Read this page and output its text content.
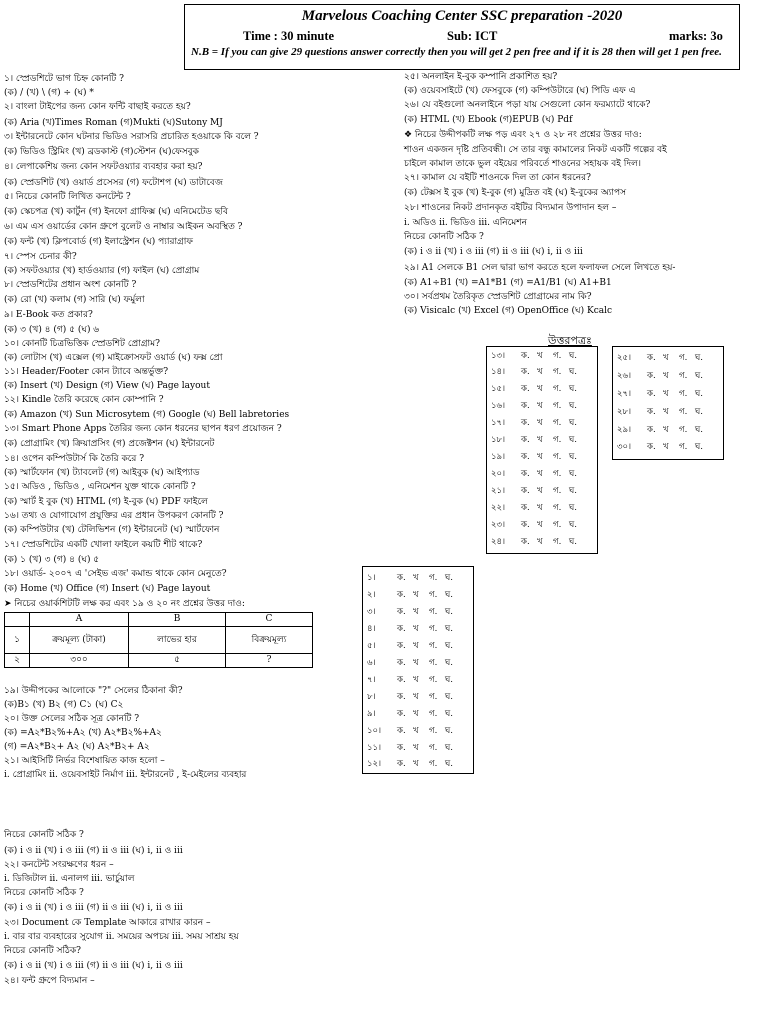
Marvelous Coaching Center SSC preparation -2020
Time : 30 minute	Sub: ICT	marks: 3o
N.B = If you can give 29 questions answer correctly then you will get 2 pen free and if it is 28 then will get 1 pen free.
১। স্প্রেডশিটে ভাগ চিহ্ন কোনটি ?
(ক) / (খ) \ (গ) ÷ (ঘ) *
২। বাংলা টাইপের জন্য কোন ফন্টি বাছাই করতে হয়?
(ক) Aria (খ)Times Roman (গ)Mukti (ঘ)Sutony MJ
৩। ইন্টারনেটে কোন ঘটনার ভিডিও সরাসরি প্রচারিত হওয়াকে কি বলে ?
(ক) ভিডিও স্ট্রিমিং (খ) ব্রডকাস্ট (গ)স্টেশন (ঘ)ফেসবুক
৪। লেপাকেশিয় জন্য কোন সফটওয়্যার ব্যবহার করা হয়?
(ক) স্প্রেডশিট (খ) ওয়ার্ড প্রসেসর (গ) ফটোশপ (ঘ) ডাটাবেজ
৫। নিচের কোনটি লিখিত কনটেন্ট ?
(ক) স্কেচপত্র (খ) কার্টুন (গ) ইনফো গ্রাফিক্স (ঘ) এনিমেটেড ছবি
৬। এম এস ওয়ার্ডের কোন গ্রুপে বুলেট ও নাম্বার আইকন অবস্থিত ?
(ক) ফন্ট (খ) ক্লিপবোর্ড (গ) ইলাস্ট্রেশন (ঘ) প্যারাগ্রাফ
৭। স্পেস চেনার কী?
(ক) সফটওয়্যার (খ) হার্ডওয়্যার (গ) ফাইল (ঘ) প্রোগ্রাম
৮। স্প্রেডশিটের প্রধান অংশ কোনটি ?
(ক) রো (খ) কলাম (গ) সারি (ঘ) ফর্মুলা
৯। E-Book কত প্রকার?
(ক) ৩ (খ) ৪ (গ) ৫ (ঘ) ৬
১০। কোনটি চিত্রভিত্তিক স্প্রেডশিট প্রোগ্রাম?
(ক) লোটাস (খ) এক্সেল (গ) মাইক্রোসফট ওয়ার্ড (ঘ) ফক্স প্রো
১১। Header/Footer কোন ট্যাবে অন্তর্ভুক্ত?
(ক) Insert (খ) Design (গ) View (ঘ) Page layout
১২। Kindle তৈরি করেছে কোন কোম্পানি ?
(ক) Amazon (খ) Sun Microsytem (গ) Google (ঘ) Bell labretories
১৩। Smart Phone Apps তৈরির জন্য কোন ধরনের ছাপন ধরণ প্রয়োজন ?
(ক) প্রোগ্রামিং (খ) ক্রিয়াপ্রসিং (গ) প্রজেক্টশন (ঘ) ইন্টারনেট
১৪। ওপেন কম্পিউটার্স কি তৈরি করে ?
(ক) স্মার্টফোন (খ) ট্যাবলেট (গ) আইবুক (ঘ) আইপ্যাড
১৫। অডিও , ভিডিও , এনিমেশন যুক্ত থাকে কোনটি ?
(ক) স্মার্ট ই বুক (খ) HTML (গ) ই-বুক (ঘ) PDF ফাইলে
১৬। তথ্য ও যোগাযোগ প্রযুক্তির এর প্রধান উপকরণ কোনটি ?
(ক) কম্পিউটার (খ) টেলিভিশন (গ) ইন্টারনেট (ঘ) স্মার্টফোন
১৭। স্প্রেডশিটের একটি খোলা ফাইলে কয়টি শীট থাকে?
(ক) ১ (খ) ৩ (গ) ৪ (ঘ) ৫
১৮। ওয়ার্ড- ২০০৭ এ 'সেইভ এজ' কমান্ড থাকে কোন মেনুতে?
(ক) Home (খ) Office (গ) Insert (ঘ) Page layout
➤ নিচের ওয়ার্কশিটটি লক্ষ কর এবং ১৯ ও ২০ নং প্রশ্নের উত্তর দাও:
	A	B	C
১	ক্রয়মূল্য (টাকা)	লাভের হার	বিক্রয়মূল্য
২	৩০০	৫	?
১৯। উদ্দীপকের আলোকে "?" সেলের ঠিকানা কী?
(ক)B১ (খ) B২ (গ) C১ (ঘ) C২
২০। উক্ত সেলের সঠিক সূত্র কোনটি ?
(ক) =A২*B২%+A২ (খ) A২*B২%+A২
(গ) =A২*B২+ A২ (ঘ) A২*B২+ A২
২১। আইসিটি নির্ভর বিশেষায়িত কাজ হলো –
i. প্রোগ্রামিং ii. ওয়েবসাইট নির্মাণ iii. ইন্টারনেট , ই-মেইলের ব্যবহার
নিচের কোনটি সঠিক ?
(ক) i ও ii (খ) i ও iii (গ) ii ও iii (ঘ) i, ii ও iii
২২। কনটেন্ট সংরক্ষণের ধরন –
i. ডিজিটাল ii. এনালগ iii. ভার্চুয়াল
নিচের কোনটি সঠিক ?
(ক) i ও ii (খ) i ও iii (গ) ii ও iii (ঘ) i, ii ও iii
২৩। Document কে Template আকারে রাখার কারন –
i. বার বার ব্যবহারের সুযোগ ii. সময়ের অপচয় iii. সময় সাশ্রয় হয়
নিচের কোনটি সঠিক?
(ক) i ও ii (খ) i ও iii (গ) ii ও iii (ঘ) i, ii ও iii
২৪। ফন্ট গ্রুপে বিদ্যমান –
২৫। অনলাইন ই-বুক কম্পানি প্রকাশিত হয়?
(ক) ওয়েবসাইটে (খ) ফেসবুকে (গ) কম্পিউটারে (ঘ) পিডি এফ এ
২৬। যে বইগুলো অনলাইনে পড়া যায় সেগুলো কোন ফরম্যাটে থাকে?
(ক) HTML (খ) Ebook (গ)EPUB (ঘ) Pdf
❖ নিচের উদ্দীপকটি লক্ষ পড় এবং ২৭ ও ২৮ নং প্রশ্নের উত্তর দাও:
শাওন একজন দৃষ্টি প্রতিবন্ধী। সে তার বন্ধু কামালের নিকট একটি গল্পের বই
চাইলে কামাল তাকে ভুল বইয়ের পরিবর্তে শাওনের সহায়ক বই দিল।
২৭। কামাল যে বইটি শাওনকে দিল তা কোন ধরনের?
(ক) টেক্সস ই বুক (খ) ই-বুক (গ) মুদ্রিত বই (ঘ) ই-বুকের অ্যাপস
২৮। শাওনের নিকট প্রদানকৃত বইটির বিদ্যমান উপাদান হল –
i. অডিও ii. ভিডিও iii. এনিমেশন
নিচের কোনটি সঠিক ?
(ক) i ও ii (খ) i ও iii (গ) ii ও iii (ঘ) i, ii ও iii
২৯। A1 সেলকে B1 সেল দ্বারা ভাগ করতে হলে ফলাফল সেলে লিখতে হয়-
(ক) A1÷B1 (খ) =A1*B1 (গ) =A1/B1 (ঘ) A1+B1
৩০। সর্বপ্রথম তৈরিকৃত স্প্রেডশিট প্রোগ্রামের নাম কি?
(ক) Visicalc (খ) Excel (গ) OpenOffice (ঘ) Kcalc
উত্তরপত্রঃ
১৩। ক. খ গ. ঘ.
১৪। ক. খ গ. ঘ.
১৫। ক. খ গ. ঘ.
১৬। ক. খ গ. ঘ.
১৭। ক. খ গ. ঘ.
১৮। ক. খ গ. ঘ.
১৯। ক. খ গ. ঘ.
২০। ক. খ গ. ঘ.
২১। ক. খ গ. ঘ.
২২। ক. খ গ. ঘ.
২৩। ক. খ গ. ঘ.
২৪। ক. খ গ. ঘ.
২৫। ক. খ গ. ঘ.
২৬। ক. খ গ. ঘ.
২৭। ক. খ গ. ঘ.
২৮। ক. খ গ. ঘ.
২৯। ক. খ গ. ঘ.
৩০। ক. খ গ. ঘ.
১।	ক. খ গ. ঘ.
২।	ক. খ গ. ঘ.
৩।	ক. খ গ. ঘ.
৪।	ক. খ গ. ঘ.
৫।	ক. খ গ. ঘ.
৬।	ক. খ গ. ঘ.
৭।	ক. খ গ. ঘ.
৮।	ক. খ গ. ঘ.
৯।	ক. খ গ. ঘ.
১০। ক. খ গ. ঘ.
১১। ক. খ গ. ঘ.
১২। ক. খ গ. ঘ.
